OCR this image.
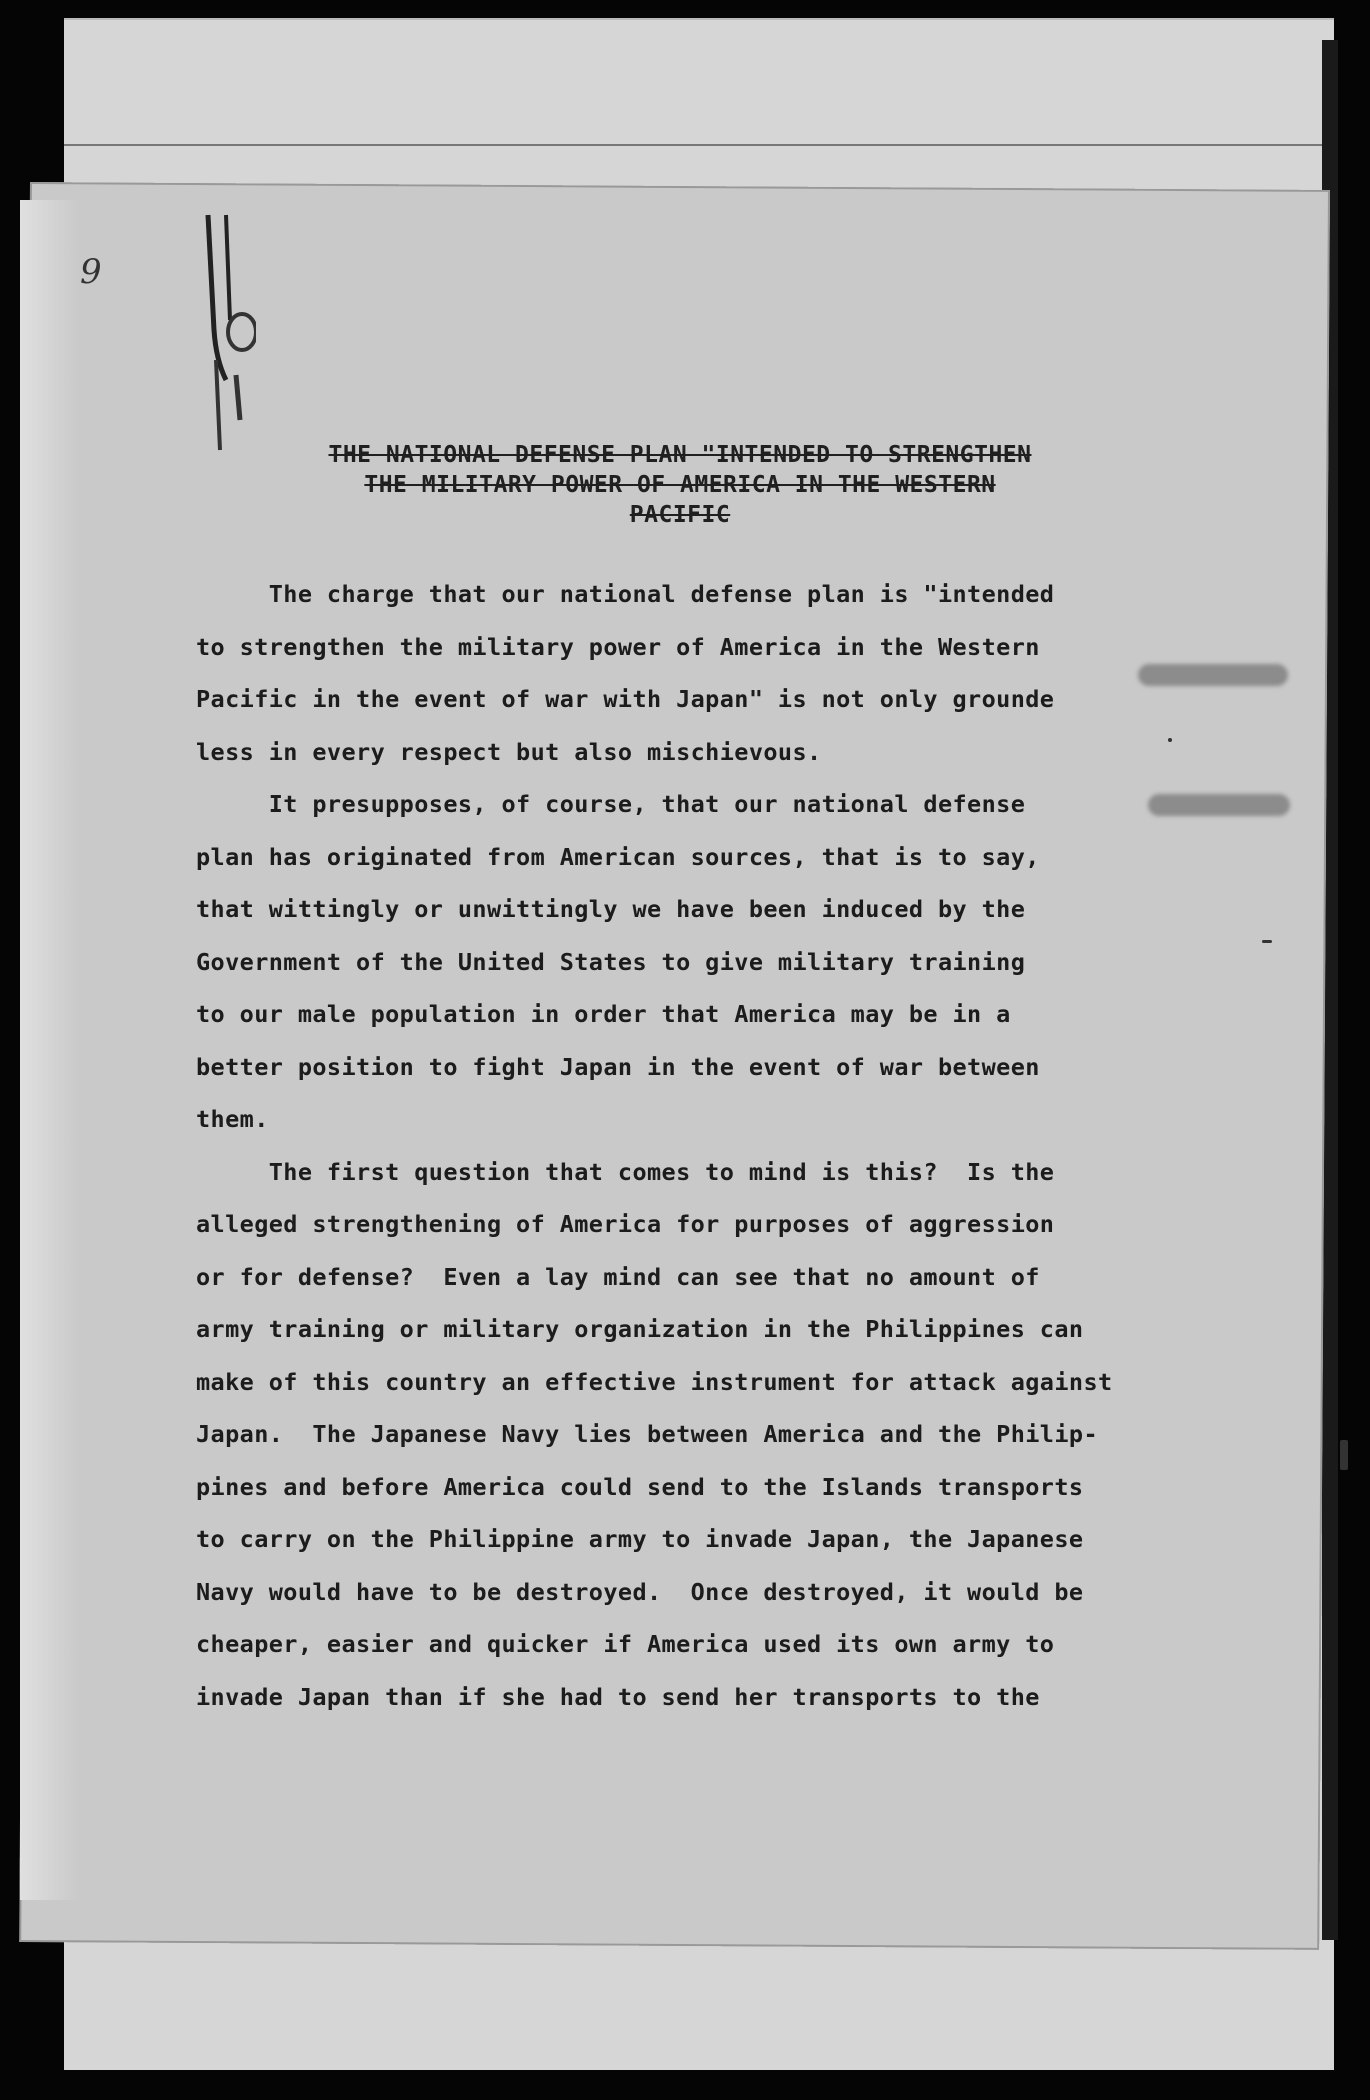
9
THE NATIONAL DEFENSE PLAN "INTENDED TO STRENGTHEN
THE MILITARY POWER OF AMERICA IN THE WESTERN
PACIFIC
The charge that our national defense plan is "intended
to strengthen the military power of America in the Western
Pacific in the event of war with Japan" is not only grounde
less in every respect but also mischievous.
It presupposes, of course, that our national defense
plan has originated from American sources, that is to say,
that wittingly or unwittingly we have been induced by the
Government of the United States to give military training
to our male population in order that America may be in a
better position to fight Japan in the event of war between
them.
The first question that comes to mind is this?  Is the
alleged strengthening of America for purposes of aggression
or for defense?  Even a lay mind can see that no amount of
army training or military organization in the Philippines can
make of this country an effective instrument for attack against
Japan.  The Japanese Navy lies between America and the Philip-
pines and before America could send to the Islands transports
to carry on the Philippine army to invade Japan, the Japanese
Navy would have to be destroyed.  Once destroyed, it would be
cheaper, easier and quicker if America used its own army to
invade Japan than if she had to send her transports to the
